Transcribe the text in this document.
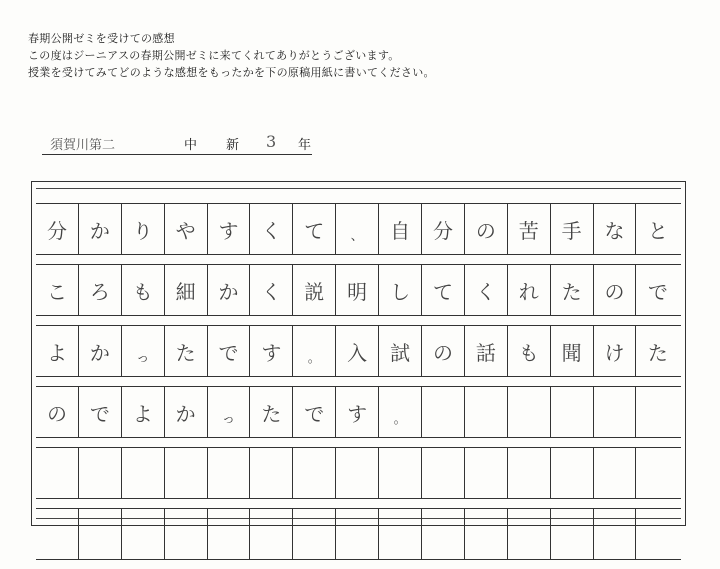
春期公開ゼミを受けての感想
この度はジーニアスの春期公開ゼミに来てくれてありがとうございます。
授業を受けてみてどのような感想をもったかを下の原稿用紙に書いてください。
須賀川第二	中 新 3 年
分	か	り	や	す	く	て	、	自	分	の	苦	手	な	と
こ	ろ	も	細	か	く	説	明	し	て	く	れ	た	の	で
よ	か	っ	た	で	す	。	入	試	の	話	も	聞	け	た
の	で	よ	か	っ	た	で	す	。
